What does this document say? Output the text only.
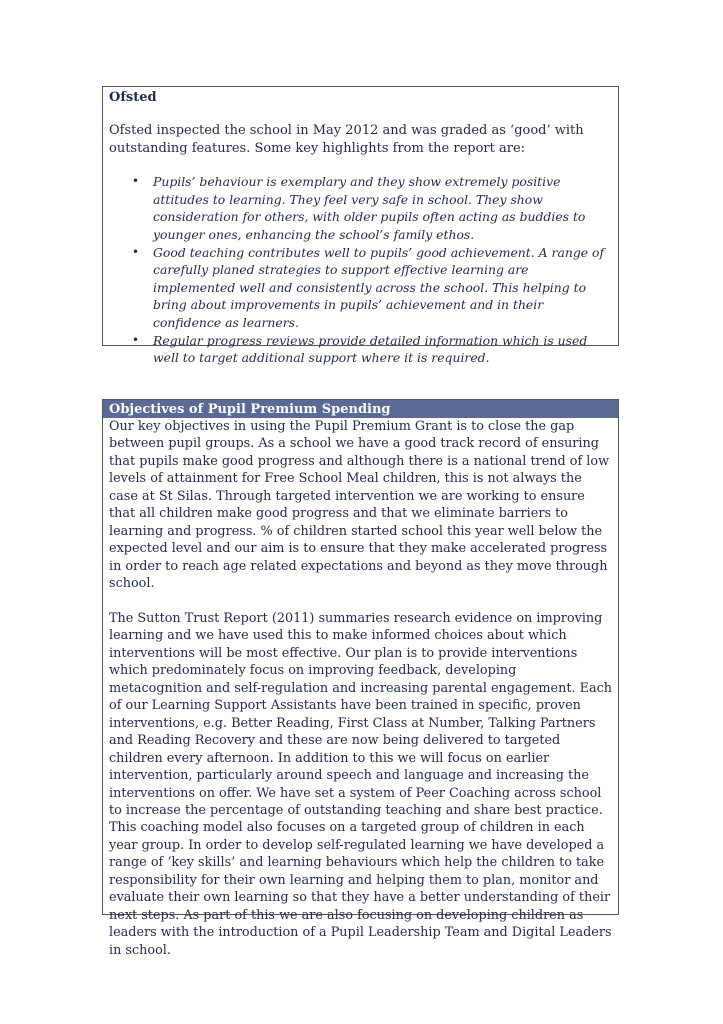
Ofsted

Ofsted inspected the school in May 2012 and was graded as ‘good’ with outstanding features. Some key highlights from the report are:

• Pupils’ behaviour is exemplary and they show extremely positive attitudes to learning. They feel very safe in school. They show consideration for others, with older pupils often acting as buddies to younger ones, enhancing the school’s family ethos.
• Good teaching contributes well to pupils’ good achievement. A range of carefully planed strategies to support effective learning are implemented well and consistently across the school. This helping to bring about improvements in pupils’ achievement and in their confidence as learners.
• Regular progress reviews provide detailed information which is used well to target additional support where it is required.
Objectives of Pupil Premium Spending

Our key objectives in using the Pupil Premium Grant is to close the gap between pupil groups. As a school we have a good track record of ensuring that pupils make good progress and although there is a national trend of low levels of attainment for Free School Meal children, this is not always the case at St Silas. Through targeted intervention we are working to ensure that all children make good progress and that we eliminate barriers to learning and progress. % of children started school this year well below the expected level and our aim is to ensure that they make accelerated progress in order to reach age related expectations and beyond as they move through school.

The Sutton Trust Report (2011) summaries research evidence on improving learning and we have used this to make informed choices about which interventions will be most effective. Our plan is to provide interventions which predominately focus on improving feedback, developing metacognition and self-regulation and increasing parental engagement. Each of our Learning Support Assistants have been trained in specific, proven interventions, e.g. Better Reading, First Class at Number, Talking Partners and Reading Recovery and these are now being delivered to targeted children every afternoon. In addition to this we will focus on earlier intervention, particularly around speech and language and increasing the interventions on offer. We have set a system of Peer Coaching across school to increase the percentage of outstanding teaching and share best practice. This coaching model also focuses on a targeted group of children in each year group. In order to develop self-regulated learning we have developed a range of ‘key skills’ and learning behaviours which help the children to take responsibility for their own learning and helping them to plan, monitor and evaluate their own learning so that they have a better understanding of their next steps. As part of this we are also focusing on developing children as leaders with the introduction of a Pupil Leadership Team and Digital Leaders in school.
